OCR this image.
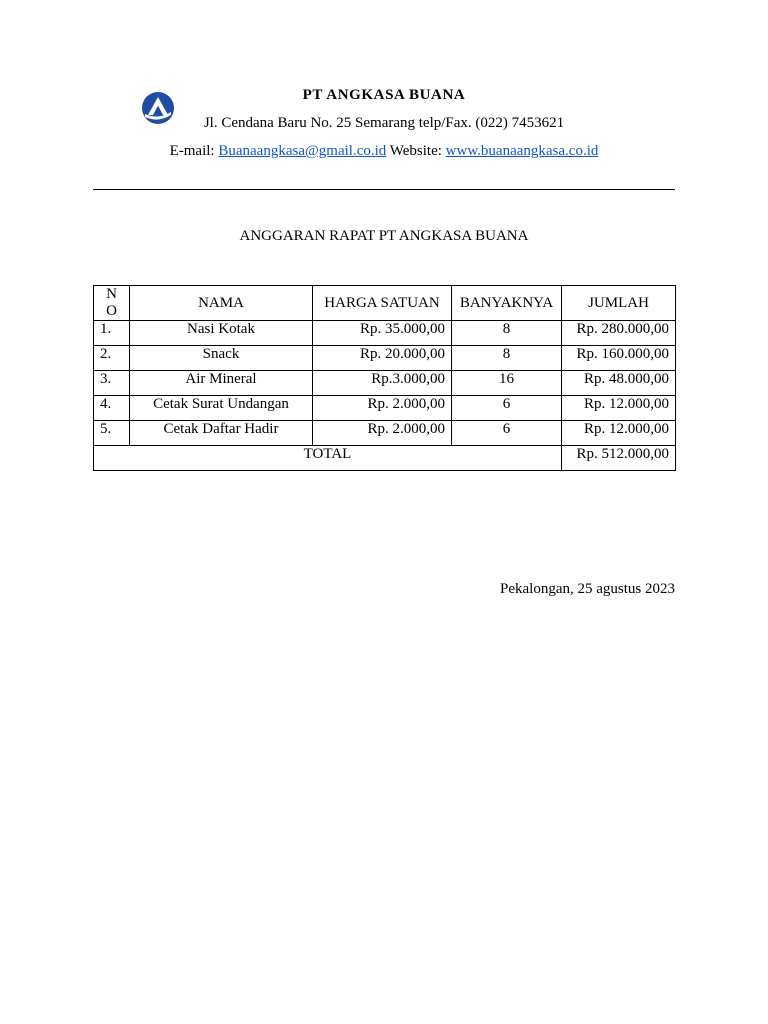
PT ANGKASA BUANA
Jl. Cendana Baru No. 25 Semarang telp/Fax. (022) 7453621
E-mail: Buanaangkasa@gmail.co.id Website: www.buanaangkasa.co.id
ANGGARAN RAPAT PT ANGKASA BUANA
NO	NAMA	HARGA SATUAN	BANYAKNYA	JUMLAH
1.	Nasi Kotak	Rp. 35.000,00	8	Rp. 280.000,00
2.	Snack	Rp. 20.000,00	8	Rp. 160.000,00
3.	Air Mineral	Rp.3.000,00	16	Rp. 48.000,00
4.	Cetak Surat Undangan	Rp. 2.000,00	6	Rp. 12.000,00
5.	Cetak Daftar Hadir	Rp. 2.000,00	6	Rp. 12.000,00
TOTAL				Rp. 512.000,00
Pekalongan, 25 agustus 2023
